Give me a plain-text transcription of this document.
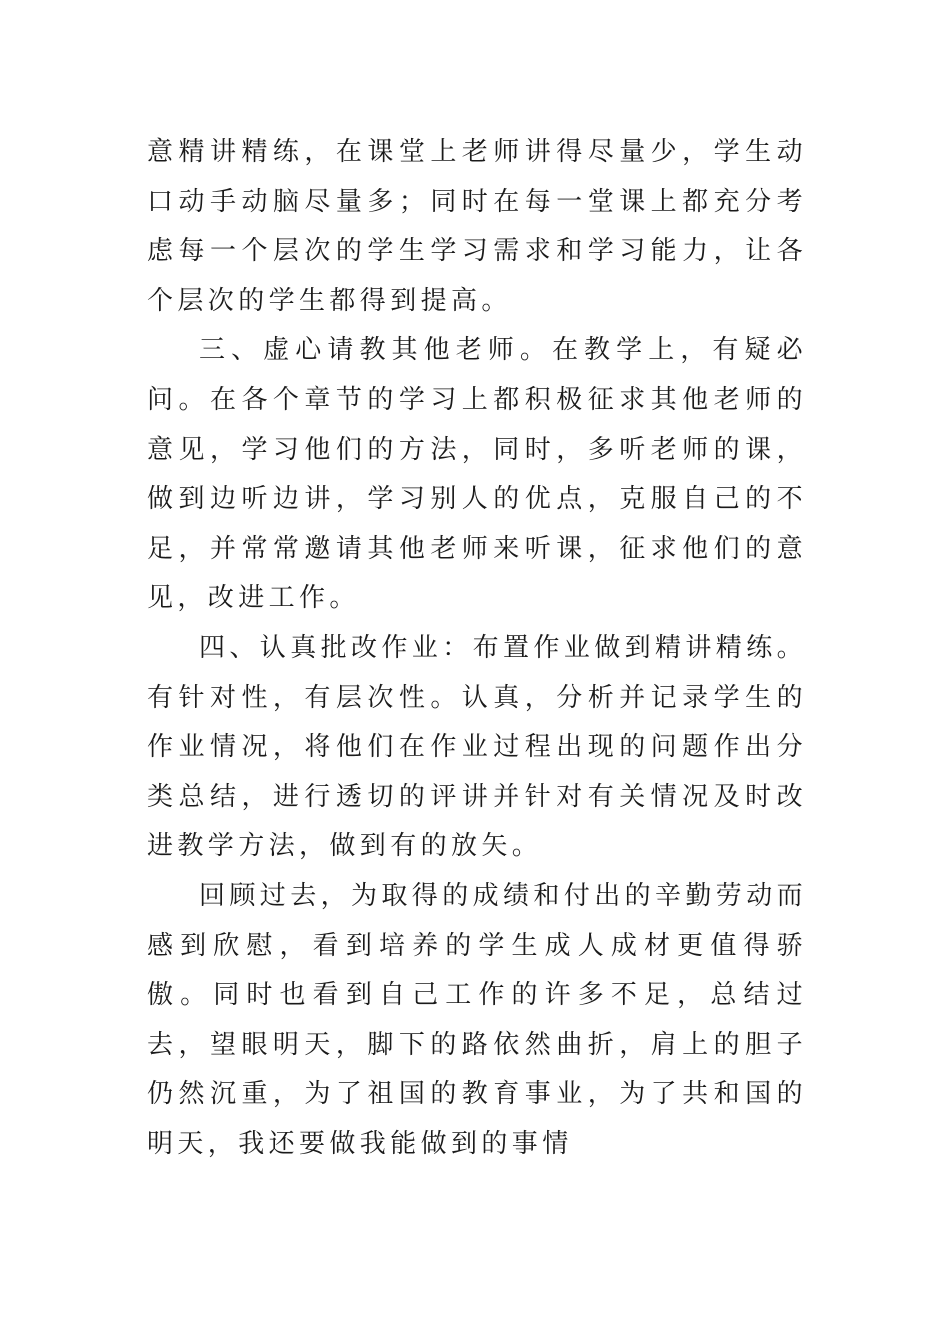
意精讲精练，在课堂上老师讲得尽量少，学生动口动手动脑尽量多；同时在每一堂课上都充分考虑每一个层次的学生学习需求和学习能力，让各个层次的学生都得到提高。

三、虚心请教其他老师。在教学上，有疑必问。在各个章节的学习上都积极征求其他老师的意见，学习他们的方法，同时，多听老师的课，做到边听边讲，学习别人的优点，克服自己的不足，并常常邀请其他老师来听课，征求他们的意见，改进工作。

四、认真批改作业：布置作业做到精讲精练。有针对性，有层次性。认真，分析并记录学生的作业情况，将他们在作业过程出现的问题作出分类总结，进行透切的评讲并针对有关情况及时改进教学方法，做到有的放矢。

回顾过去，为取得的成绩和付出的辛勤劳动而感到欣慰，看到培养的学生成人成材更值得骄傲。同时也看到自己工作的许多不足，总结过去，望眼明天，脚下的路依然曲折，肩上的胆子仍然沉重，为了祖国的教育事业，为了共和国的明天，我还要做我能做到的事情
